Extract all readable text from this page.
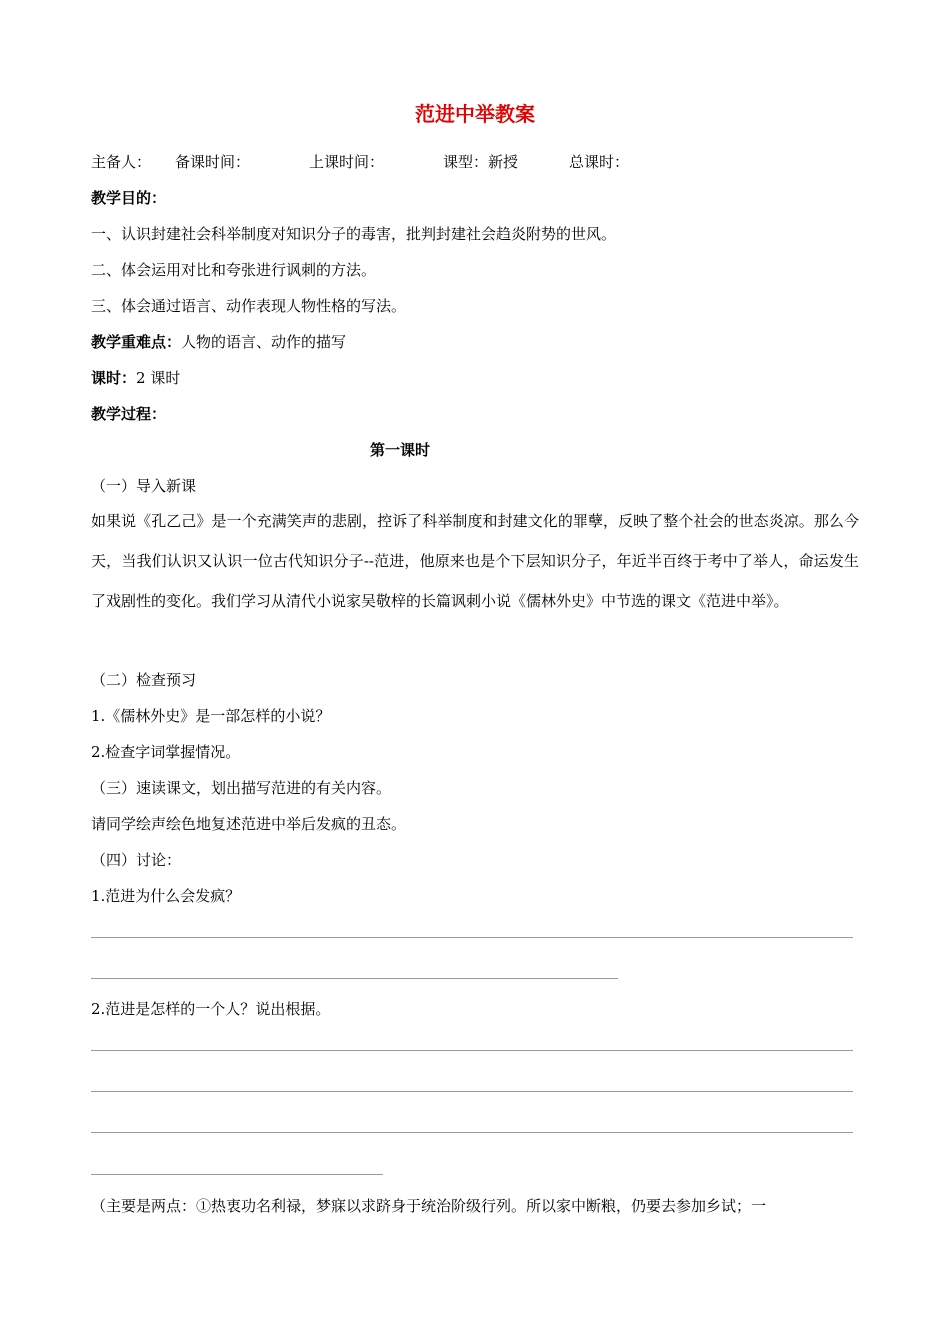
范进中举教案
主备人： 备课时间：	上课时间：	课型：新授	总课时：
教学目的：
一、认识封建社会科举制度对知识分子的毒害，批判封建社会趋炎附势的世风。
二、体会运用对比和夸张进行讽刺的方法。
三、体会通过语言、动作表现人物性格的写法。
教学重难点：人物的语言、动作的描写
课时：2 课时
教学过程：
第一课时
（一）导入新课
如果说《孔乙己》是一个充满笑声的悲剧，控诉了科举制度和封建文化的罪孽，反映了整个社会的世态炎凉。那么今天，当我们认识又认识一位古代知识分子--范进，他原来也是个下层知识分子，年近半百终于考中了举人，命运发生了戏剧性的变化。我们学习从清代小说家吴敬梓的长篇讽刺小说《儒林外史》中节选的课文《范进中举》。
（二）检查预习
1.《儒林外史》是一部怎样的小说？
2.检查字词掌握情况。
（三）速读课文，划出描写范进的有关内容。
请同学绘声绘色地复述范进中举后发疯的丑态。
（四）讨论：
1.范进为什么会发疯？
2.范进是怎样的一个人？说出根据。
（主要是两点：①热衷功名利禄，梦寐以求跻身于统治阶级行列。所以家中断粮，仍要去参加乡试；一
